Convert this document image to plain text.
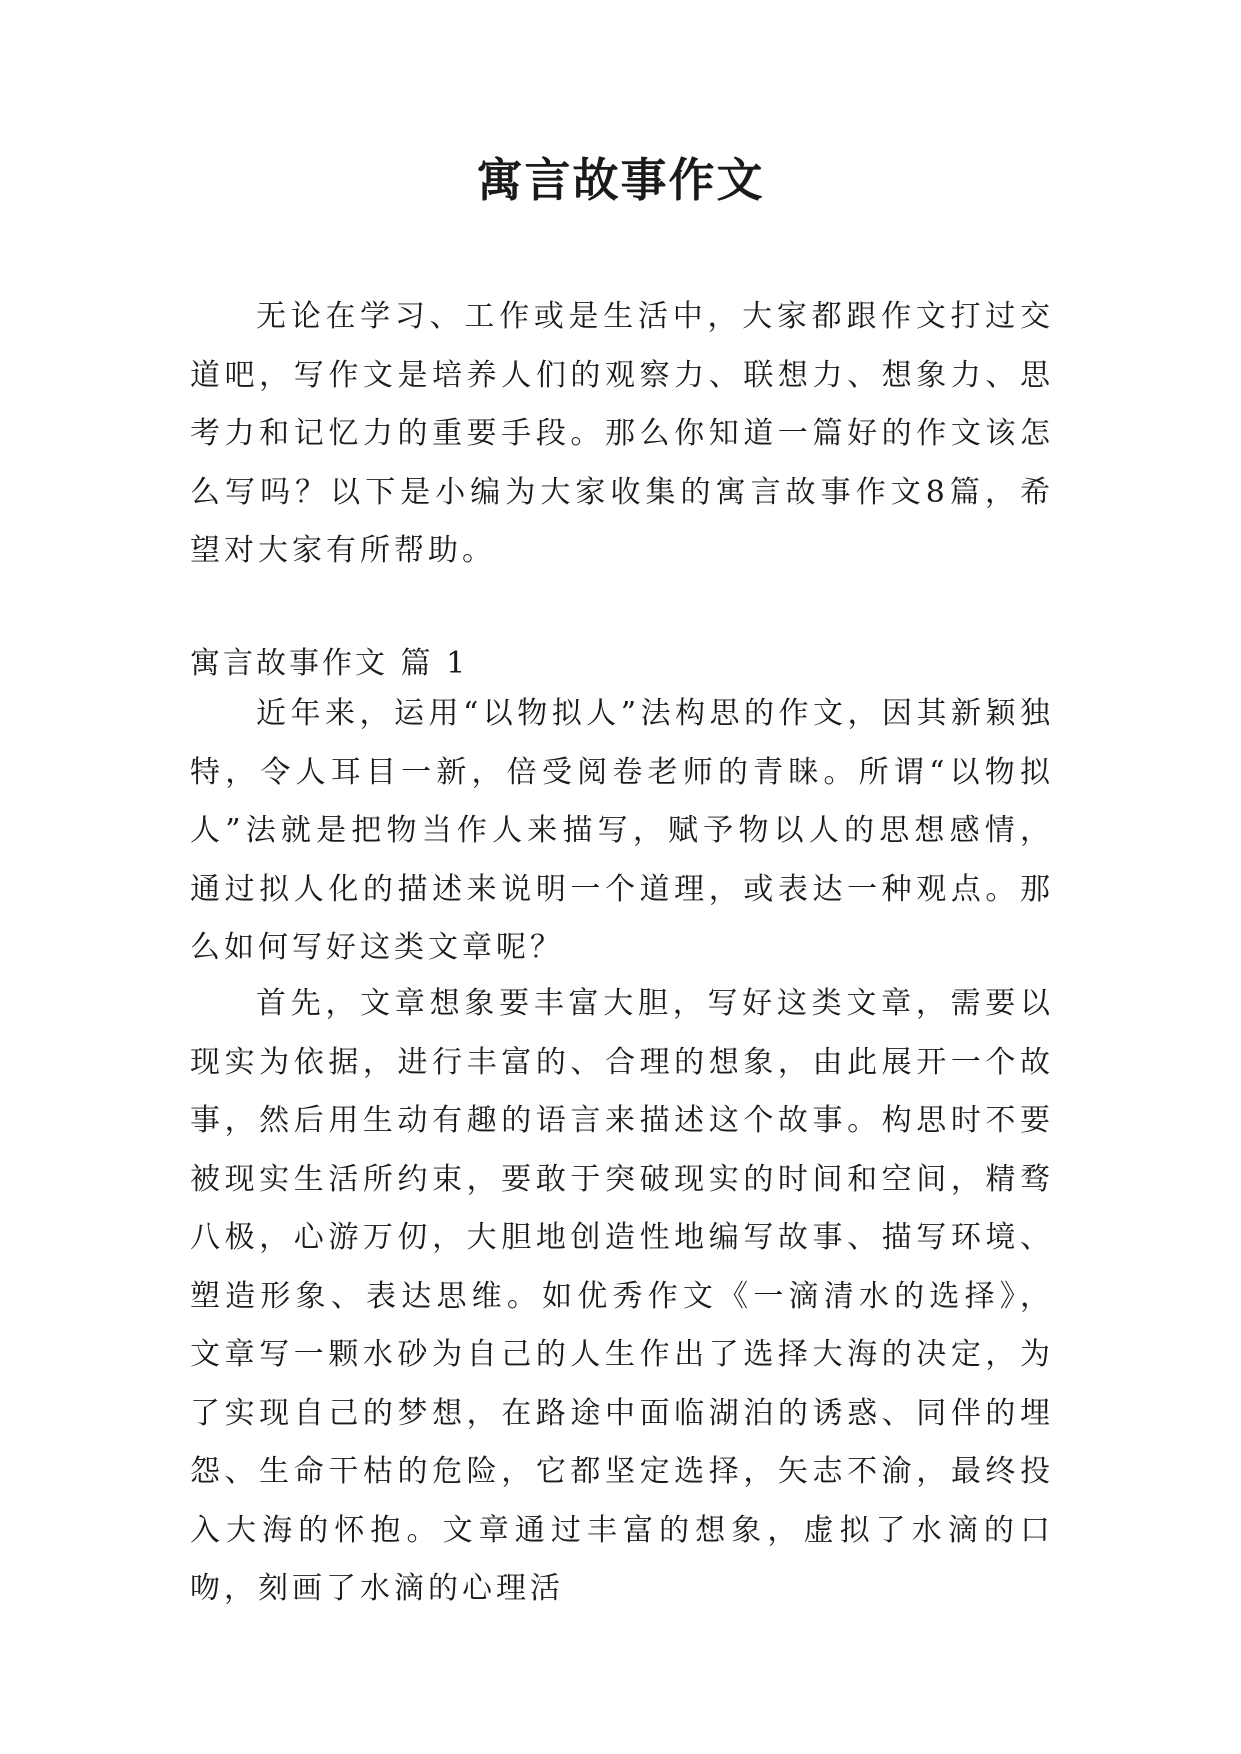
寓言故事作文

无论在学习、工作或是生活中，大家都跟作文打过交道吧，写作文是培养人们的观察力、联想力、想象力、思考力和记忆力的重要手段。那么你知道一篇好的作文该怎么写吗？以下是小编为大家收集的寓言故事作文8篇，希望对大家有所帮助。

寓言故事作文 篇 1

近年来，运用“以物拟人”法构思的作文，因其新颖独特，令人耳目一新，倍受阅卷老师的青睐。所谓“以物拟人”法就是把物当作人来描写，赋予物以人的思想感情，通过拟人化的描述来说明一个道理，或表达一种观点。那么如何写好这类文章呢？

首先，文章想象要丰富大胆，写好这类文章，需要以现实为依据，进行丰富的、合理的想象，由此展开一个故事，然后用生动有趣的语言来描述这个故事。构思时不要被现实生活所约束，要敢于突破现实的时间和空间，精骛八极，心游万仞，大胆地创造性地编写故事、描写环境、塑造形象、表达思维。如优秀作文《一滴清水的选择》，文章写一颗水砂为自己的人生作出了选择大海的决定，为了实现自己的梦想，在路途中面临湖泊的诱惑、同伴的埋怨、生命干枯的危险，它都坚定选择，矢志不渝，最终投入大海的怀抱。文章通过丰富的想象，虚拟了水滴的口吻，刻画了水滴的心理活
